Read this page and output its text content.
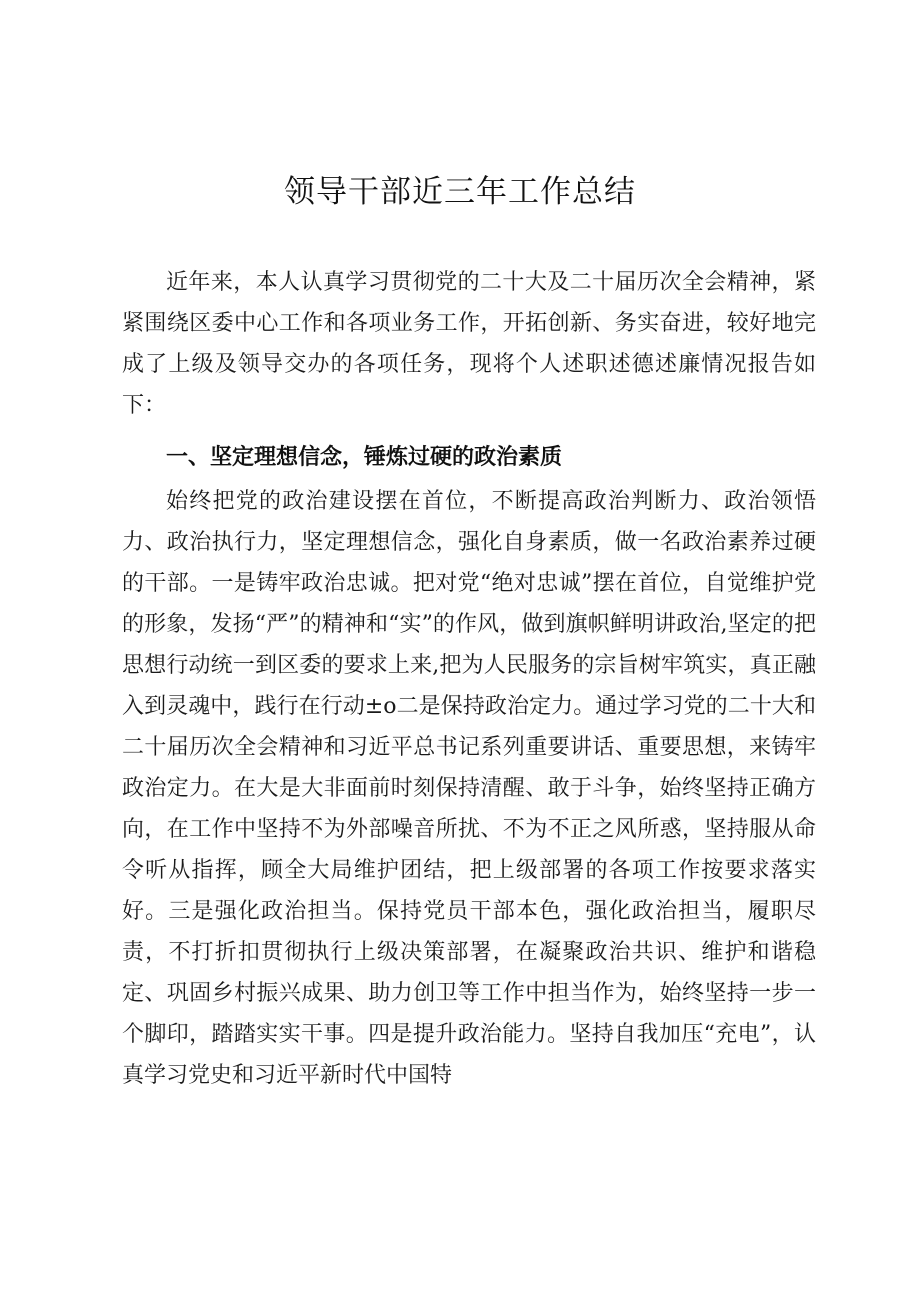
领导干部近三年工作总结

近年来，本人认真学习贯彻党的二十大及二十届历次全会精神，紧紧围绕区委中心工作和各项业务工作，开拓创新、务实奋进，较好地完成了上级及领导交办的各项任务，现将个人述职述德述廉情况报告如下：

一、坚定理想信念，锤炼过硬的政治素质

始终把党的政治建设摆在首位，不断提高政治判断力、政治领悟力、政治执行力，坚定理想信念，强化自身素质，做一名政治素养过硬的干部。一是铸牢政治忠诚。把对党“绝对忠诚”摆在首位，自觉维护党的形象，发扬“严”的精神和“实”的作风，做到旗帜鲜明讲政治,坚定的把思想行动统一到区委的要求上来,把为人民服务的宗旨树牢筑实，真正融入到灵魂中，践行在行动±o二是保持政治定力。通过学习党的二十大和二十届历次全会精神和习近平总书记系列重要讲话、重要思想，来铸牢政治定力。在大是大非面前时刻保持清醒、敢于斗争，始终坚持正确方向，在工作中坚持不为外部噪音所扰、不为不正之风所惑，坚持服从命令听从指挥，顾全大局维护团结，把上级部署的各项工作按要求落实好。三是强化政治担当。保持党员干部本色，强化政治担当，履职尽责，不打折扣贯彻执行上级决策部署，在凝聚政治共识、维护和谐稳定、巩固乡村振兴成果、助力创卫等工作中担当作为，始终坚持一步一个脚印，踏踏实实干事。四是提升政治能力。坚持自我加压“充电”，认真学习党史和习近平新时代中国特
